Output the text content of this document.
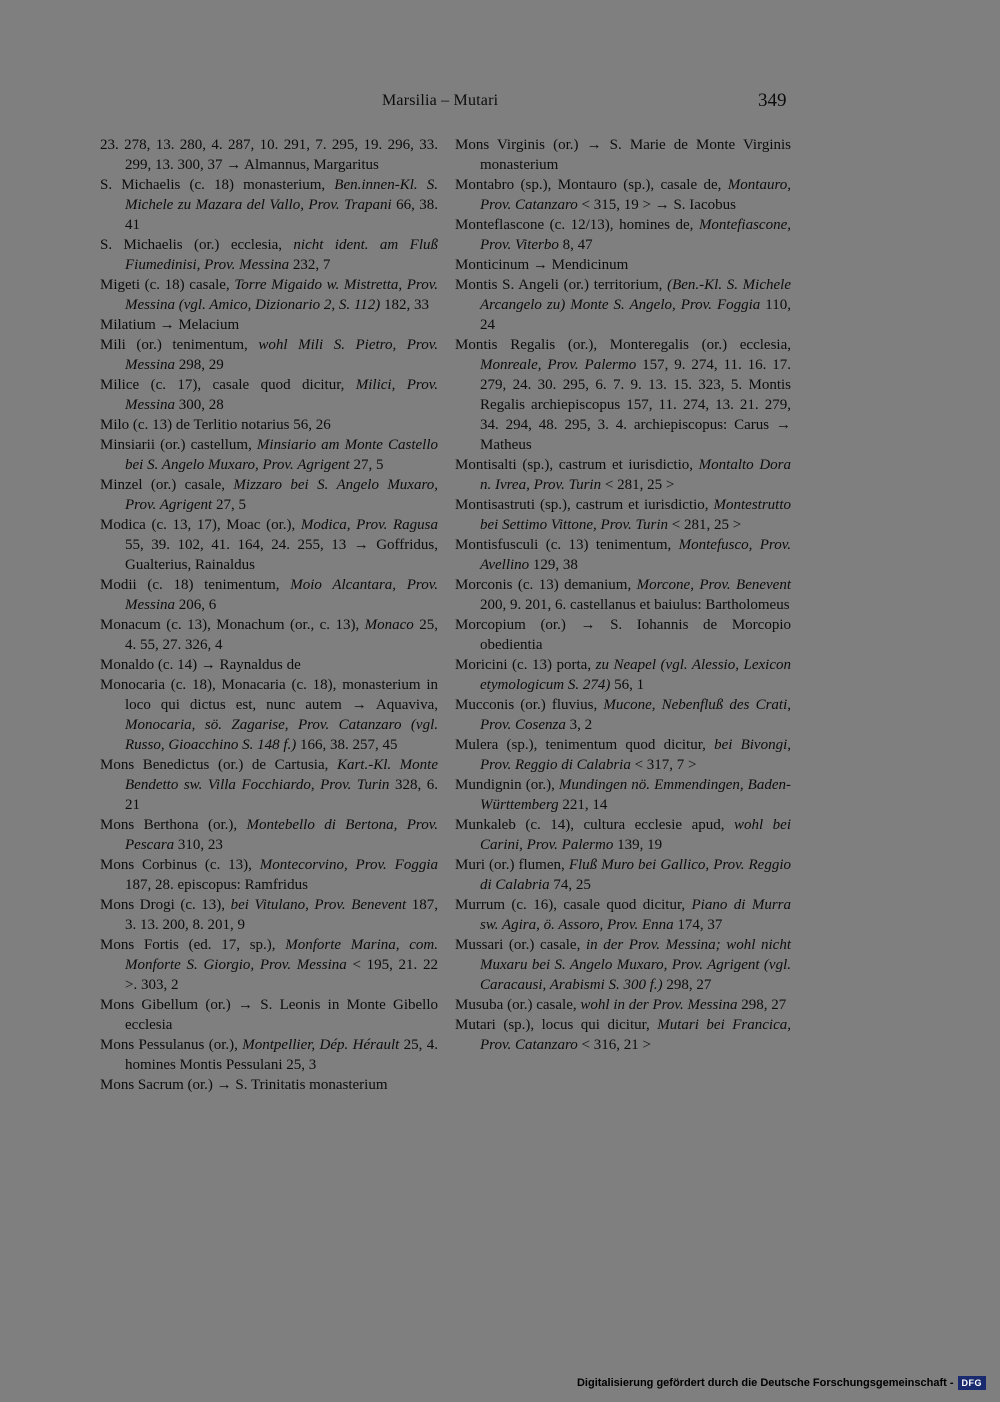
Marsilia – Mutari	349
23. 278, 13. 280, 4. 287, 10. 291, 7. 295, 19. 296, 33. 299, 13. 300, 37 → Almannus, Margaritus
S. Michaelis (c. 18) monasterium, Ben.innen-Kl. S. Michele zu Mazara del Vallo, Prov. Trapani 66, 38. 41
S. Michaelis (or.) ecclesia, nicht ident. am Fluß Fiumedinisi, Prov. Messina 232, 7
Migeti (c. 18) casale, Torre Migaido w. Mistretta, Prov. Messina (vgl. Amico, Dizionario 2, S. 112) 182, 33
Milatium → Melacium
Mili (or.) tenimentum, wohl Mili S. Pietro, Prov. Messina 298, 29
Milice (c. 17), casale quod dicitur, Milici, Prov. Messina 300, 28
Milo (c. 13) de Terlitio notarius 56, 26
Minsiarii (or.) castellum, Minsiario am Monte Castello bei S. Angelo Muxaro, Prov. Agrigent 27, 5
Minzel (or.) casale, Mizzaro bei S. Angelo Muxaro, Prov. Agrigent 27, 5
Modica (c. 13, 17), Moac (or.), Modica, Prov. Ragusa 55, 39. 102, 41. 164, 24. 255, 13 → Goffridus, Gualterius, Rainaldus
Modii (c. 18) tenimentum, Moio Alcantara, Prov. Messina 206, 6
Monacum (c. 13), Monachum (or., c. 13), Monaco 25, 4. 55, 27. 326, 4
Monaldo (c. 14) → Raynaldus de
Monocaria (c. 18), Monacaria (c. 18), monasterium in loco qui dictus est, nunc autem → Aquaviva, Monocaria, sö. Zagarise, Prov. Catanzaro (vgl. Russo, Gioacchino S. 148 f.) 166, 38. 257, 45
Mons Benedictus (or.) de Cartusia, Kart.-Kl. Monte Bendetto sw. Villa Focchiardo, Prov. Turin 328, 6. 21
Mons Berthona (or.), Montebello di Bertona, Prov. Pescara 310, 23
Mons Corbinus (c. 13), Montecorvino, Prov. Foggia 187, 28. episcopus: Ramfridus
Mons Drogi (c. 13), bei Vitulano, Prov. Benevent 187, 3. 13. 200, 8. 201, 9
Mons Fortis (ed. 17, sp.), Monforte Marina, com. Monforte S. Giorgio, Prov. Messina < 195, 21. 22 >. 303, 2
Mons Gibellum (or.) → S. Leonis in Monte Gibello ecclesia
Mons Pessulanus (or.), Montpellier, Dép. Hérault 25, 4. homines Montis Pessulani 25, 3
Mons Sacrum (or.) → S. Trinitatis monasterium
Mons Virginis (or.) → S. Marie de Monte Virginis monasterium
Montabro (sp.), Montauro (sp.), casale de, Montauro, Prov. Catanzaro < 315, 19 > → S. Iacobus
Monteflascone (c. 12/13), homines de, Montefiascone, Prov. Viterbo 8, 47
Monticinum → Mendicinum
Montis S. Angeli (or.) territorium, (Ben.-Kl. S. Michele Arcangelo zu) Monte S. Angelo, Prov. Foggia 110, 24
Montis Regalis (or.), Monteregalis (or.) ecclesia, Monreale, Prov. Palermo 157, 9. 274, 11. 16. 17. 279, 24. 30. 295, 6. 7. 9. 13. 15. 323, 5. Montis Regalis archiepiscopus 157, 11. 274, 13. 21. 279, 34. 294, 48. 295, 3. 4. archiepiscopus: Carus → Matheus
Montisalti (sp.), castrum et iurisdictio, Montalto Dora n. Ivrea, Prov. Turin < 281, 25 >
Montisastruti (sp.), castrum et iurisdictio, Montestrutto bei Settimo Vittone, Prov. Turin < 281, 25 >
Montisfusculi (c. 13) tenimentum, Montefusco, Prov. Avellino 129, 38
Morconis (c. 13) demanium, Morcone, Prov. Benevent 200, 9. 201, 6. castellanus et baiulus: Bartholomeus
Morcopium (or.) → S. Iohannis de Morcopio obedientia
Moricini (c. 13) porta, zu Neapel (vgl. Alessio, Lexicon etymologicum S. 274) 56, 1
Mucconis (or.) fluvius, Mucone, Nebenfluß des Crati, Prov. Cosenza 3, 2
Mulera (sp.), tenimentum quod dicitur, bei Bivongi, Prov. Reggio di Calabria < 317, 7 >
Mundignin (or.), Mundingen nö. Emmendingen, Baden-Württemberg 221, 14
Munkaleb (c. 14), cultura ecclesie apud, wohl bei Carini, Prov. Palermo 139, 19
Muri (or.) flumen, Fluß Muro bei Gallico, Prov. Reggio di Calabria 74, 25
Murrum (c. 16), casale quod dicitur, Piano di Murra sw. Agira, ö. Assoro, Prov. Enna 174, 37
Mussari (or.) casale, in der Prov. Messina; wohl nicht Muxaru bei S. Angelo Muxaro, Prov. Agrigent (vgl. Caracausi, Arabismi S. 300 f.) 298, 27
Musuba (or.) casale, wohl in der Prov. Messina 298, 27
Mutari (sp.), locus qui dicitur, Mutari bei Francica, Prov. Catanzaro < 316, 21 >
Digitalisierung gefördert durch die Deutsche Forschungsgemeinschaft - DFG
